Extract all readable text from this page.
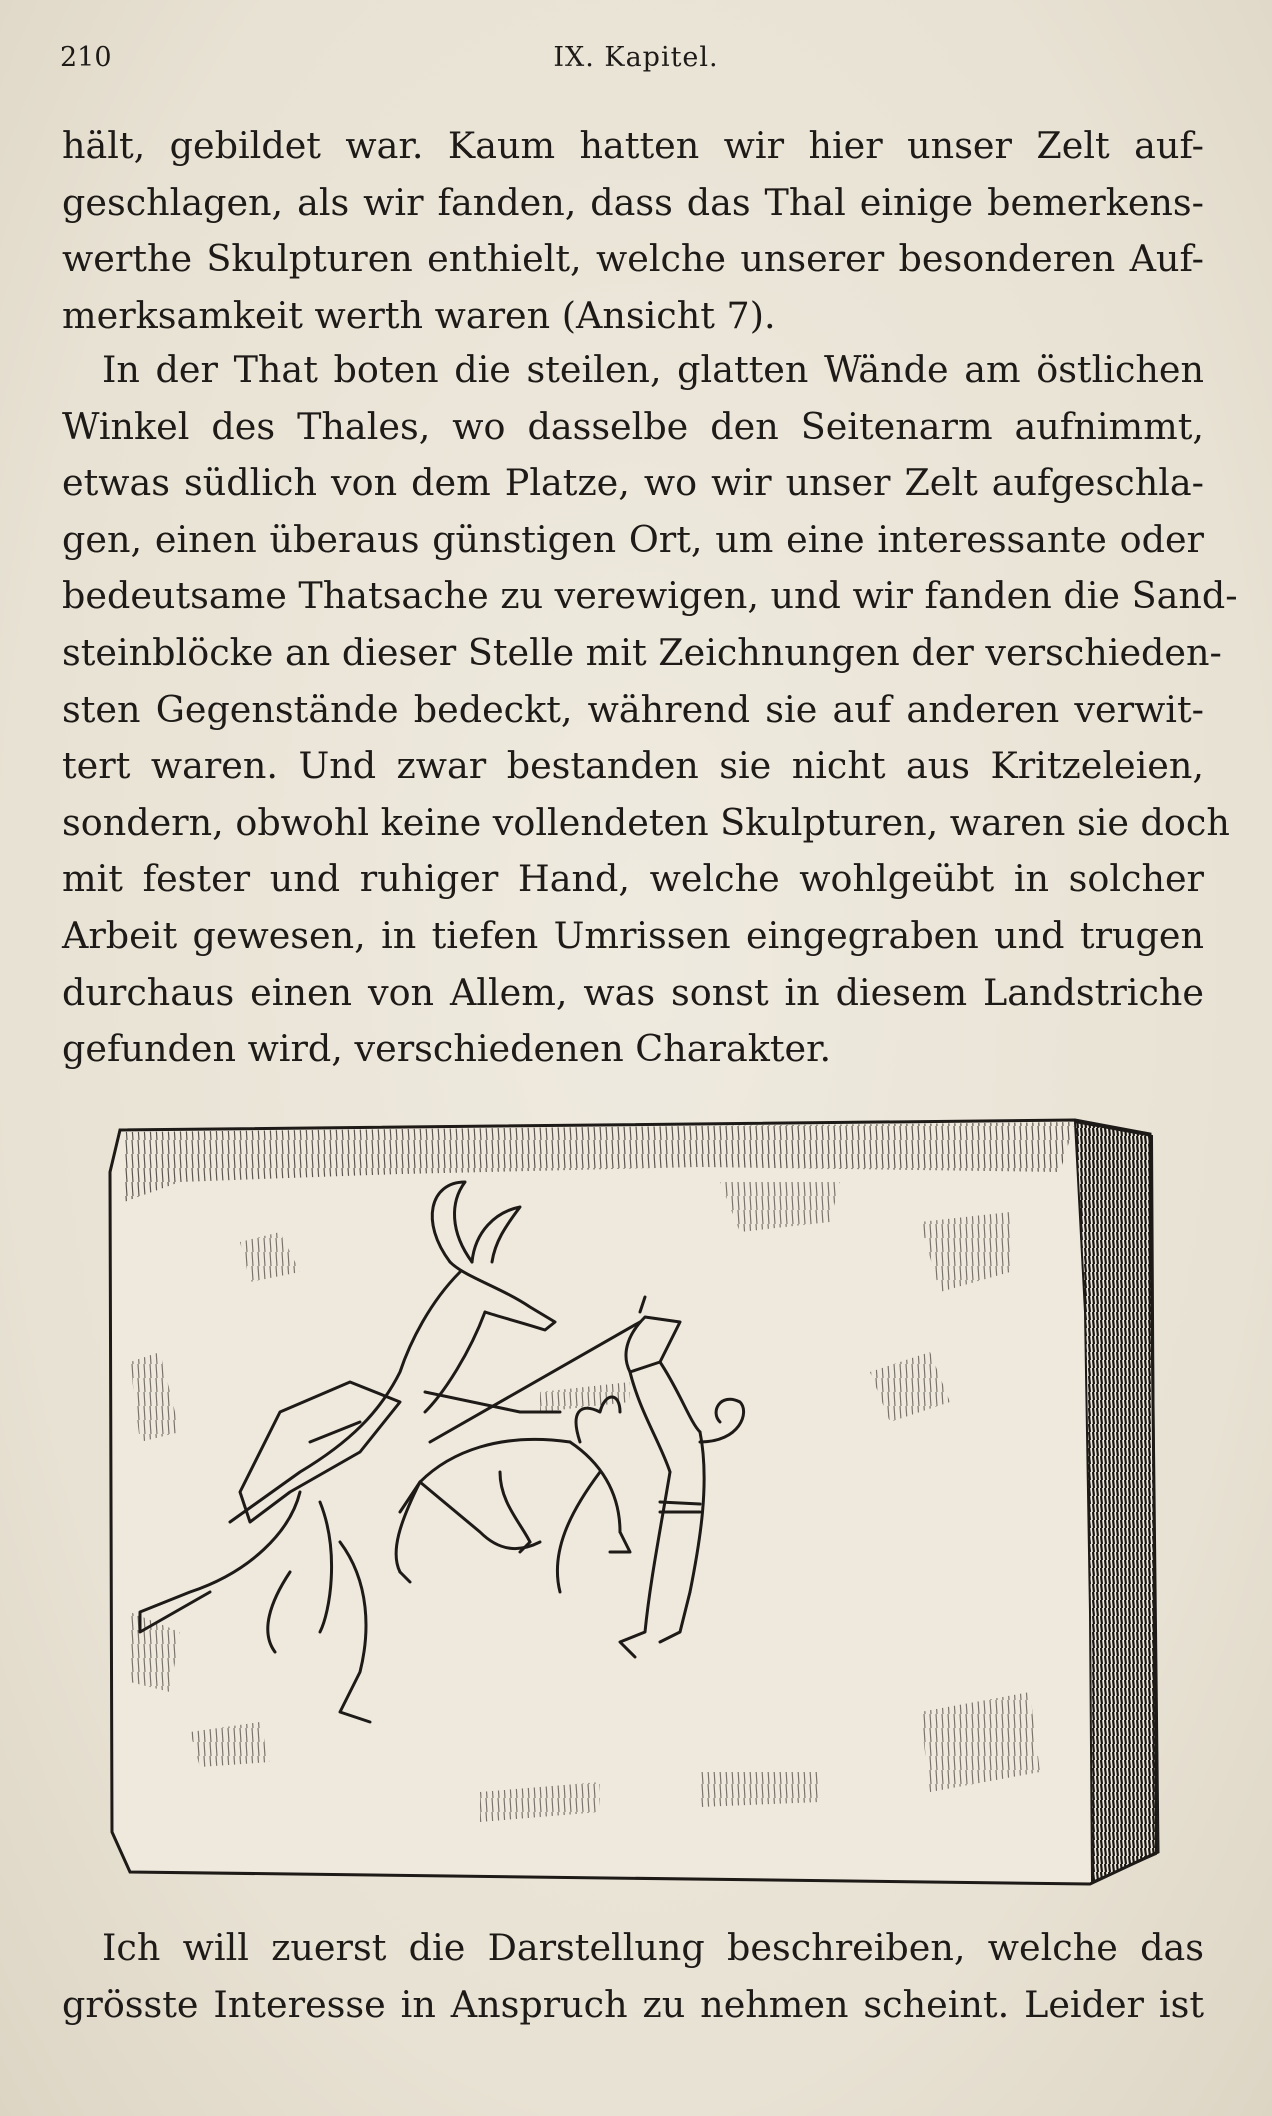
210	IX. Kapitel.
hält, gebildet war. Kaum hatten wir hier unser Zelt auf-
geschlagen, als wir fanden, dass das Thal einige bemerkens-
werthe Skulpturen enthielt, welche unserer besonderen Auf-
merksamkeit werth waren (Ansicht 7).
In der That boten die steilen, glatten Wände am östlichen
Winkel des Thales, wo dasselbe den Seitenarm aufnimmt,
etwas südlich von dem Platze, wo wir unser Zelt aufgeschla-
gen, einen überaus günstigen Ort, um eine interessante oder
bedeutsame Thatsache zu verewigen, und wir fanden die Sand-
steinblöcke an dieser Stelle mit Zeichnungen der verschieden-
sten Gegenstände bedeckt, während sie auf anderen verwit-
tert waren. Und zwar bestanden sie nicht aus Kritzeleien,
sondern, obwohl keine vollendeten Skulpturen, waren sie doch
mit fester und ruhiger Hand, welche wohlgeübt in solcher
Arbeit gewesen, in tiefen Umrissen eingegraben und trugen
durchaus einen von Allem, was sonst in diesem Landstriche
gefunden wird, verschiedenen Charakter.
Ich will zuerst die Darstellung beschreiben, welche das
grösste Interesse in Anspruch zu nehmen scheint. Leider ist
